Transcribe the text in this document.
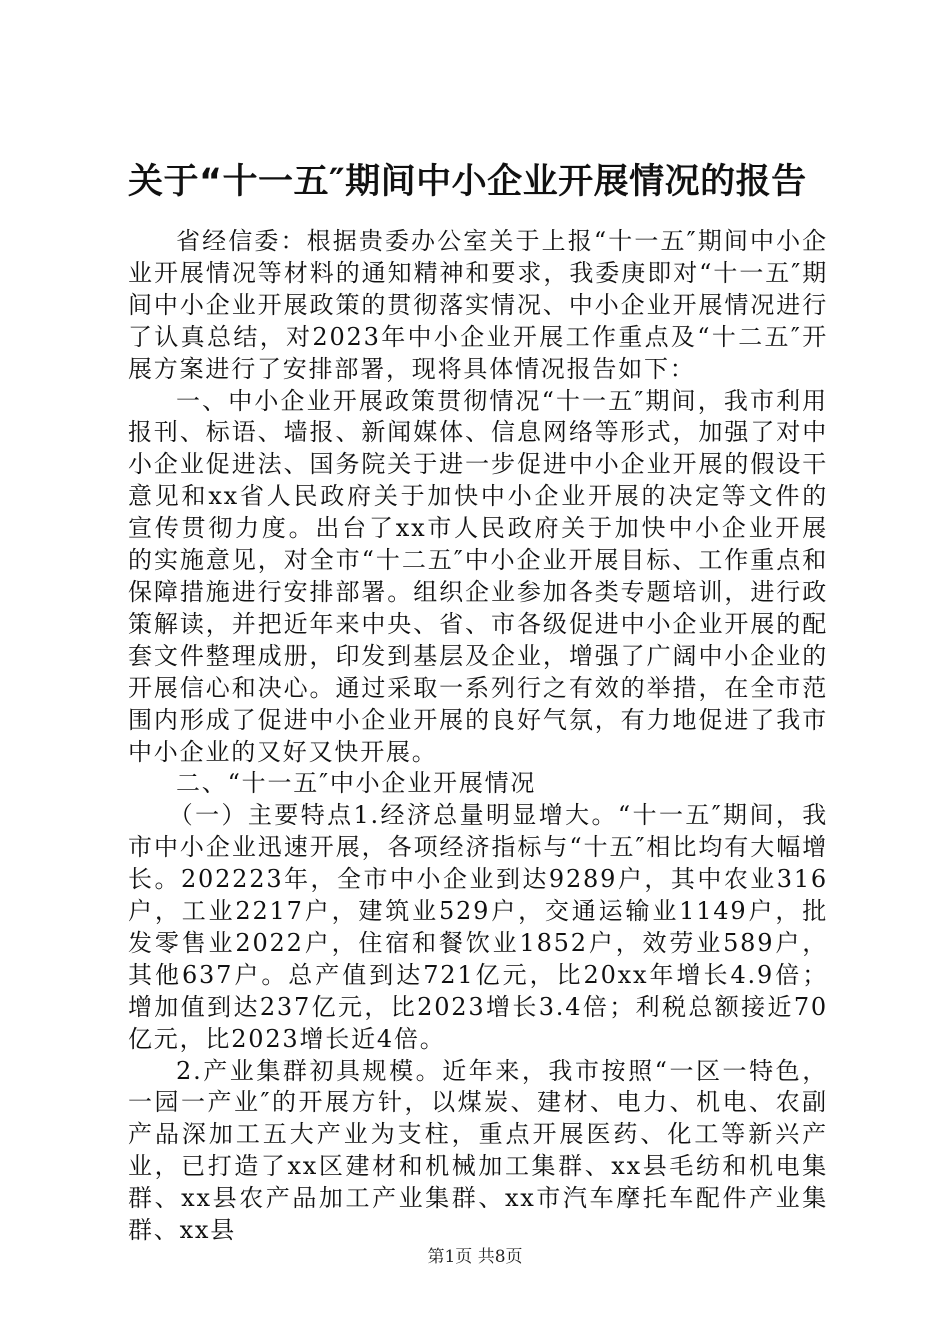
关于“十一五″期间中小企业开展情况的报告

省经信委：根据贵委办公室关于上报“十一五″期间中小企业开展情况等材料的通知精神和要求，我委庚即对“十一五″期间中小企业开展政策的贯彻落实情况、中小企业开展情况进行了认真总结，对2023年中小企业开展工作重点及“十二五″开展方案进行了安排部署，现将具体情况报告如下：

一、中小企业开展政策贯彻情况“十一五″期间，我市利用报刊、标语、墙报、新闻媒体、信息网络等形式，加强了对中小企业促进法、国务院关于进一步促进中小企业开展的假设干意见和xx省人民政府关于加快中小企业开展的决定等文件的宣传贯彻力度。出台了xx市人民政府关于加快中小企业开展的实施意见，对全市“十二五″中小企业开展目标、工作重点和保障措施进行安排部署。组织企业参加各类专题培训，进行政策解读，并把近年来中央、省、市各级促进中小企业开展的配套文件整理成册，印发到基层及企业，增强了广阔中小企业的开展信心和决心。通过采取一系列行之有效的举措，在全市范围内形成了促进中小企业开展的良好气氛，有力地促进了我市中小企业的又好又快开展。

二、“十一五″中小企业开展情况

（一）主要特点1.经济总量明显增大。“十一五″期间，我市中小企业迅速开展，各项经济指标与“十五″相比均有大幅增长。202223年，全市中小企业到达9289户，其中农业316户，工业2217户，建筑业529户，交通运输业1149户，批发零售业2022户，住宿和餐饮业1852户，效劳业589户，其他637户。总产值到达721亿元，比20xx年增长4.9倍；增加值到达237亿元，比2023增长3.4倍；利税总额接近70亿元，比2023增长近4倍。

2.产业集群初具规模。近年来，我市按照“一区一特色，一园一产业″的开展方针，以煤炭、建材、电力、机电、农副产品深加工五大产业为支柱，重点开展医药、化工等新兴产业，已打造了xx区建材和机械加工集群、xx县毛纺和机电集群、xx县农产品加工产业集群、xx市汽车摩托车配件产业集群、xx县

第1页 共8页
